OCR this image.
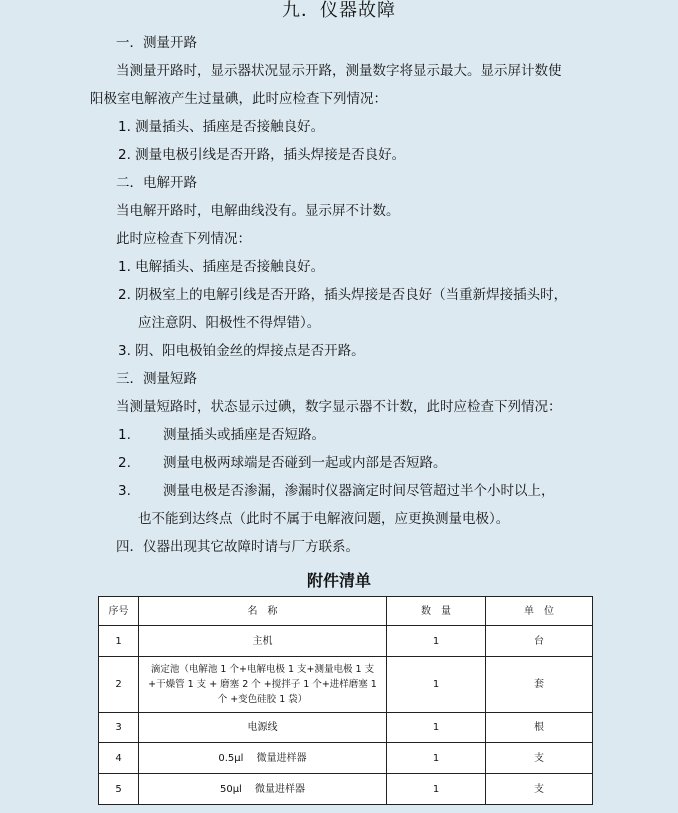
九．仪器故障
一．测量开路
当测量开路时，显示器状况显示开路，测量数字将显示最大。显示屏计数使
阳极室电解液产生过量碘，此时应检查下列情况：
1. 测量插头、插座是否接触良好。
2. 测量电极引线是否开路，插头焊接是否良好。
二．电解开路
当电解开路时，电解曲线没有。显示屏不计数。
此时应检查下列情况：
1. 电解插头、插座是否接触良好。
2. 阴极室上的电解引线是否开路，插头焊接是否良好（当重新焊接插头时，
应注意阴、阳极性不得焊错）。
3. 阴、阳电极铂金丝的焊接点是否开路。
三．测量短路
当测量短路时，状态显示过碘，数字显示器不计数，此时应检查下列情况：
1. 测量插头或插座是否短路。
2. 测量电极两球端是否碰到一起或内部是否短路。
3. 测量电极是否渗漏，渗漏时仪器滴定时间尽管超过半个小时以上，
也不能到达终点（此时不属于电解液问题，应更换测量电极）。
四．仪器出现其它故障时请与厂方联系。
附件清单
序号	名　称	数　量	单　位
1	主机	1	台
2	滴定池（电解池 1 个+电解电极 1 支+测量电极 1 支
+干燥管 1 支 + 磨塞 2 个 +搅拌子 1 个+进样磨塞 1
个 +变色硅胶 1 袋）	1	套
3	电源线	1	根
4	0.5μl　 微量进样器	1	支
5	50μl　 微量进样器	1	支
